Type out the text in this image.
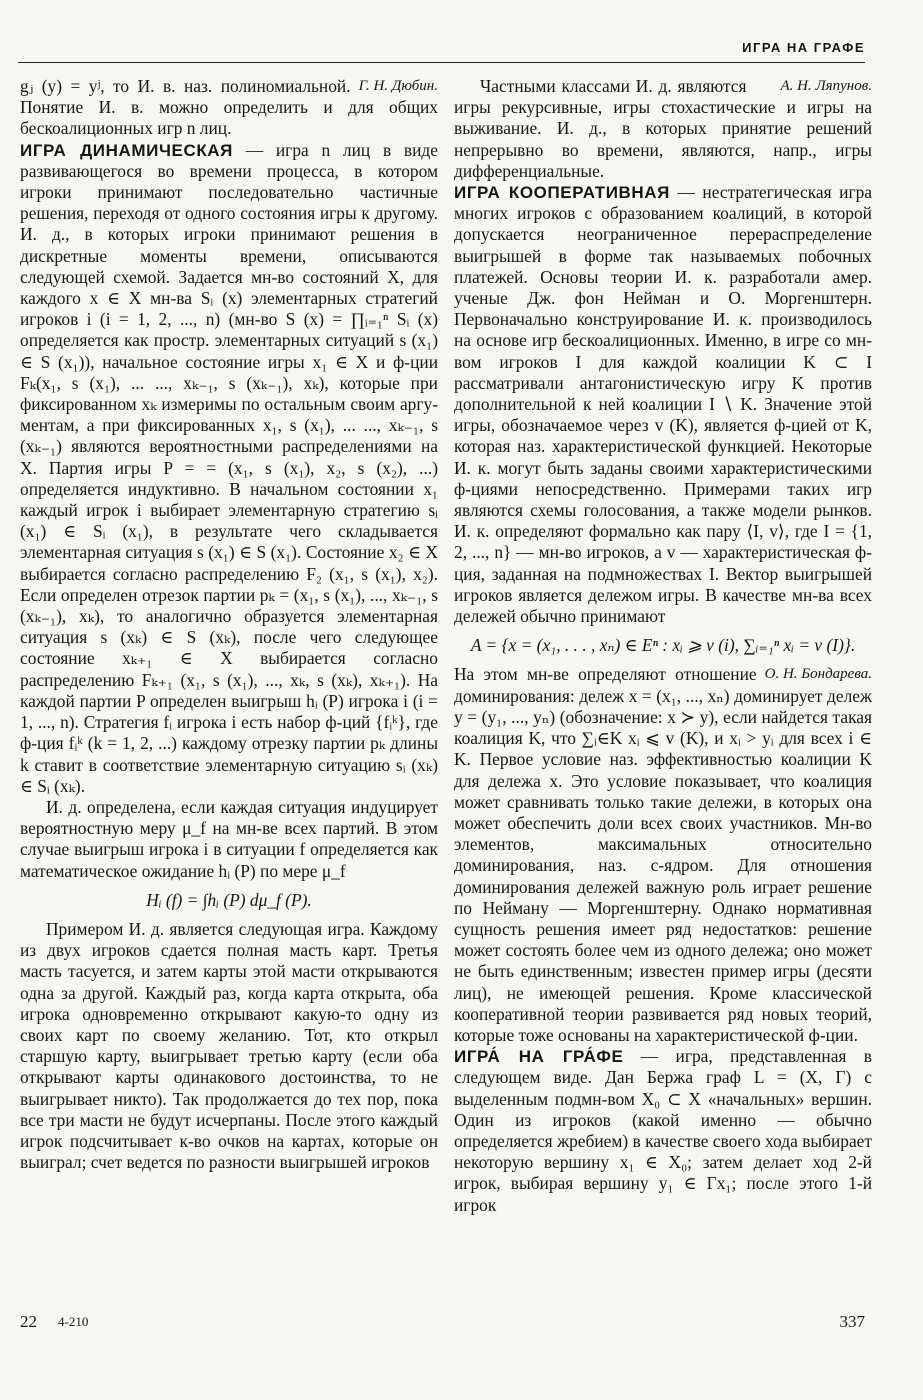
ИГРА НА ГРАФЕ

Г. Н. Дюбин.
gⱼ (y) = yʲ, то И. в. наз. полиномиальной. Понятие И. в. можно определить и для общих бескоалиционных игр n лиц.

ИГРА ДИНАМИЧЕСКАЯ — игра n лиц в виде развивающегося во времени процесса, в котором игроки принимают последовательно частичные решения, переходя от одного состояния игры к другому. И. д., в которых игроки принимают решения в дискретные моменты времени, описываются следующей схемой. Задается мн-во состояний X, для каждого x ∈ X мн-ва Sᵢ (x) элементарных стратегий игроков i (i = 1, 2, ..., n) (мн-во S (x) = ∏ᵢ₌₁ⁿ Sᵢ (x) определяется как простр. элементарных ситуаций s (x₁) ∈ S (x₁)), начальное состояние игры x₁ ∈ X и ф-ции Fₖ(x₁, s (x₁), ... ..., xₖ₋₁, s (xₖ₋₁), xₖ), которые при фиксированном xₖ измеримы по остальным своим аргументам, а при фиксированных x₁, s (x₁), ... ..., xₖ₋₁, s (xₖ₋₁) являются вероятностными распределениями на X. Партия игры P = = (x₁, s (x₁), x₂, s (x₂), ...) определяется индуктивно. В начальном состоянии x₁ каждый игрок i выбирает элементарную стратегию sᵢ (x₁) ∈ Sᵢ (x₁), в результате чего складывается элементарная ситуация s (x₁) ∈ S (x₁). Состояние x₂ ∈ X выбирается согласно распределению F₂ (x₁, s (x₁), x₂). Если определен отрезок партии pₖ = (x₁, s (x₁), ..., xₖ₋₁, s (xₖ₋₁), xₖ), то аналогично образуется элементарная ситуация s (xₖ) ∈ S (xₖ), после чего следующее состояние xₖ₊₁ ∈ X выбирается согласно распределению Fₖ₊₁ (x₁, s (x₁), ..., xₖ, s (xₖ), xₖ₊₁). На каждой партии P определен выигрыш hᵢ (P) игрока i (i = 1, ..., n). Стратегия fᵢ игрока i есть набор ф-ций {fᵢᵏ}, где ф-ция fᵢᵏ (k = 1, 2, ...) каждому отрезку партии pₖ длины k ставит в соответствие элементарную ситуацию sᵢ (xₖ) ∈ Sᵢ (xₖ).

И. д. определена, если каждая ситуация индуцирует вероятностную меру μ_f на мн-ве всех партий. В этом случае выигрыш игрока i в ситуации f определяется как математическое ожидание hᵢ (P) по мере μ_f

Hᵢ (f) = ∫hᵢ (P) dμ_f (P).

Примером И. д. является следующая игра. Каждому из двух игроков сдается полная масть карт. Третья масть тасуется, и затем карты этой масти открываются одна за другой. Каждый раз, когда карта открыта, оба игрока одновременно открывают какую-то одну из своих карт по своему желанию. Тот, кто открыл старшую карту, выигрывает третью карту (если оба открывают карты одинакового достоинства, то не выигрывает никто). Так продолжается до тех пор, пока все три масти не будут исчерпаны. После этого каждый игрок подсчитывает к-во очков на картах, которые он выиграл; счет ведется по разности выигрышей игроков

А. Н. Ляпунов.
Частными классами И. д. являются игры рекурсивные, игры стохастические и игры на выживание. И. д., в которых принятие решений непрерывно во времени, являются, напр., игры дифференциальные.

ИГРА КООПЕРАТИВНАЯ — нестратегическая игра многих игроков с образованием коалиций, в которой допускается неограниченное перераспределение выигрышей в форме так называемых побочных платежей. Основы теории И. к. разработали амер. ученые Дж. фон Нейман и О. Моргенштерн. Первоначально конструирование И. к. производилось на основе игр бескоалиционных. Именно, в игре со мн-вом игроков I для каждой коалиции K ⊂ I рассматривали антагонистическую игру K против дополнительной к ней коалиции I ∖ K. Значение этой игры, обозначаемое через v (K), является ф-цией от K, которая наз. характеристической функцией. Некоторые И. к. могут быть заданы своими характеристическими ф-циями непосредственно. Примерами таких игр являются схемы голосования, а также модели рынков. И. к. определяют формально как пару ⟨I, v⟩, где I = {1, 2, ..., n} — мн-во игроков, а v — характеристическая ф-ция, заданная на подмножествах I. Вектор выигрышей игроков является дележом игры. В качестве мн-ва всех дележей обычно принимают

A = {x = (x₁, . . . , xₙ) ∈ Eⁿ : xᵢ ⩾ v (i), ∑ᵢ₌₁ⁿ xᵢ = v (I)}.

О. Н. Бондарева.
На этом мн-ве определяют отношение доминирования: дележ x = (x₁, ..., xₙ) доминирует дележ y = (y₁, ..., yₙ) (обозначение: x ≻ y), если найдется такая коалиция K, что ∑ᵢ∈K xᵢ ⩽ v (K), и xᵢ > yᵢ для всех i ∈ K. Первое условие наз. эффективностью коалиции K для дележа x. Это условие показывает, что коалиция может сравнивать только такие дележи, в которых она может обеспечить доли всех своих участников. Мн-во элементов, максимальных относительно доминирования, наз. c-ядром. Для отношения доминирования дележей важную роль играет решение по Нейману — Моргенштерну. Однако нормативная сущность решения имеет ряд недостатков: решение может состоять более чем из одного дележа; оно может не быть единственным; известен пример игры (десяти лиц), не имеющей решения. Кроме классической кооперативной теории развивается ряд новых теорий, которые тоже основаны на характеристической ф-ции.

ИГРА́ НА ГРА́ФЕ — игра, представленная в следующем виде. Дан Бержа граф L = (X, Γ) с выделенным подмн-вом X₀ ⊂ X «начальных» вершин. Один из игроков (какой именно — обычно определяется жребием) в качестве своего хода выбирает некоторую вершину x₁ ∈ X₀; затем делает ход 2-й игрок, выбирая вершину y₁ ∈ Γx₁; после этого 1-й игрок

22 4-210	337
